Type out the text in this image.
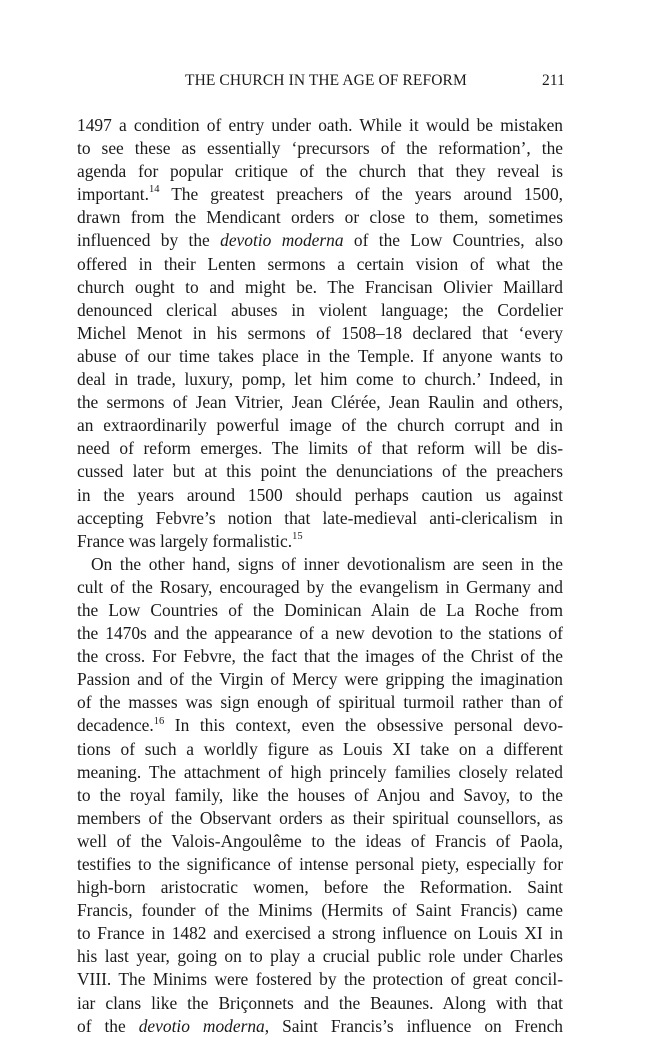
THE CHURCH IN THE AGE OF REFORM	211
1497 a condition of entry under oath. While it would be mistaken
to see these as essentially ‘precursors of the reformation’, the
agenda for popular critique of the church that they reveal is
important.$^{14}$ The greatest preachers of the years around 1500,
drawn from the Mendicant orders or close to them, sometimes
influenced by the devotio moderna of the Low Countries, also
offered in their Lenten sermons a certain vision of what the
church ought to and might be. The Francisan Olivier Maillard
denounced clerical abuses in violent language; the Cordelier
Michel Menot in his sermons of 1508–18 declared that ‘every
abuse of our time takes place in the Temple. If anyone wants to
deal in trade, luxury, pomp, let him come to church.’ Indeed, in
the sermons of Jean Vitrier, Jean Clérée, Jean Raulin and others,
an extraordinarily powerful image of the church corrupt and in
need of reform emerges. The limits of that reform will be dis-
cussed later but at this point the denunciations of the preachers
in the years around 1500 should perhaps caution us against
accepting Febvre’s notion that late-medieval anti-clericalism in
France was largely formalistic.$^{15}$
On the other hand, signs of inner devotionalism are seen in the
cult of the Rosary, encouraged by the evangelism in Germany and
the Low Countries of the Dominican Alain de La Roche from
the 1470s and the appearance of a new devotion to the stations of
the cross. For Febvre, the fact that the images of the Christ of the
Passion and of the Virgin of Mercy were gripping the imagination
of the masses was sign enough of spiritual turmoil rather than of
decadence.$^{16}$ In this context, even the obsessive personal devo-
tions of such a worldly figure as Louis XI take on a different
meaning. The attachment of high princely families closely related
to the royal family, like the houses of Anjou and Savoy, to the
members of the Observant orders as their spiritual counsellors, as
well of the Valois-Angoulême to the ideas of Francis of Paola,
testifies to the significance of intense personal piety, especially for
high-born aristocratic women, before the Reformation. Saint
Francis, founder of the Minims (Hermits of Saint Francis) came
to France in 1482 and exercised a strong influence on Louis XI in
his last year, going on to play a crucial public role under Charles
VIII. The Minims were fostered by the protection of great concil-
iar clans like the Briçonnets and the Beaunes. Along with that
of the devotio moderna, Saint Francis’s influence on French
